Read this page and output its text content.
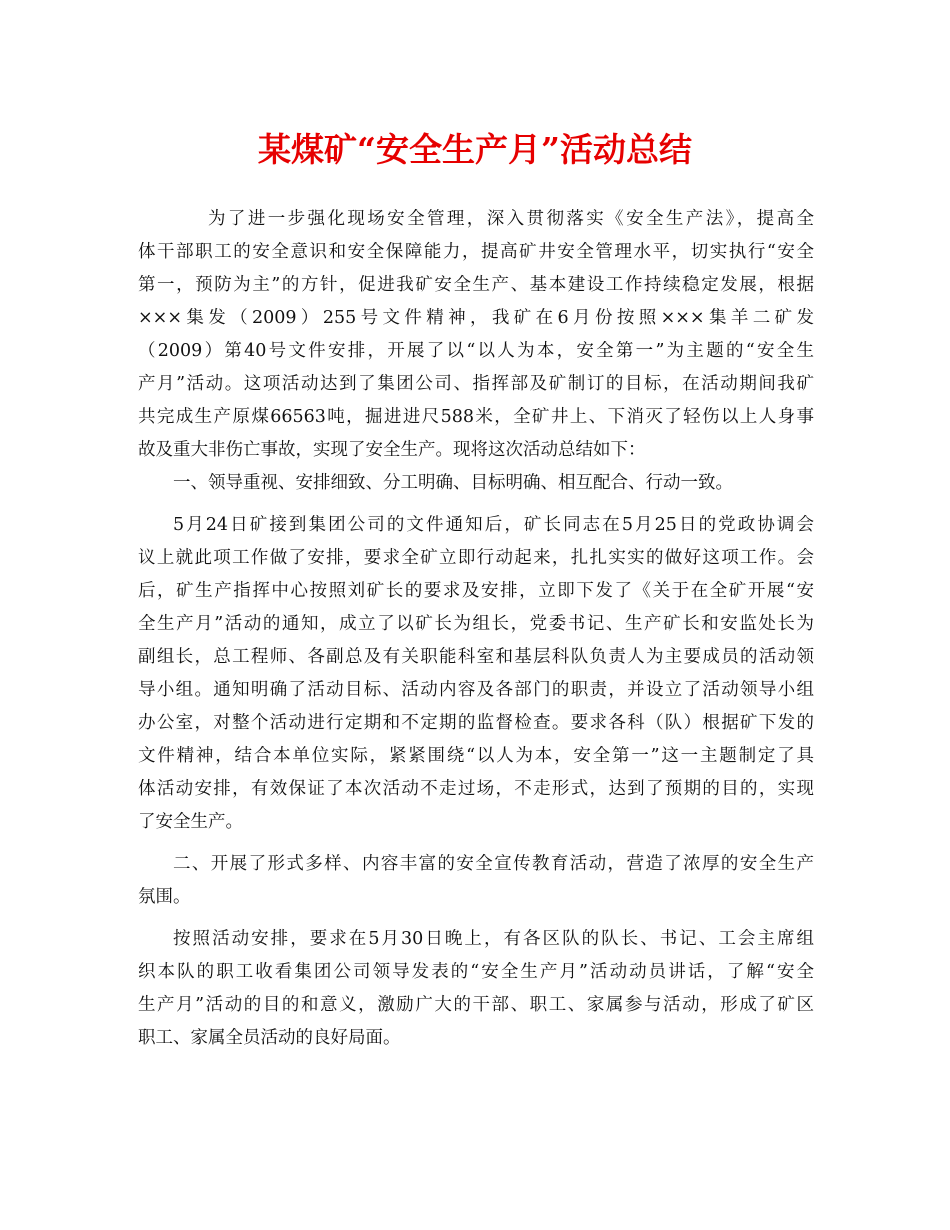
某煤矿“安全生产月”活动总结
为了进一步强化现场安全管理，深入贯彻落实《安全生产法》，提高全
体干部职工的安全意识和安全保障能力，提高矿井安全管理水平，切实执行“安全
第一，预防为主”的方针，促进我矿安全生产、基本建设工作持续稳定发展，根据
×××集发（2009）255号文件精神，我矿在6月份按照×××集羊二矿发
（2009）第40号文件安排，开展了以“以人为本，安全第一”为主题的“安全生
产月”活动。这项活动达到了集团公司、指挥部及矿制订的目标，在活动期间我矿
共完成生产原煤66563吨，掘进进尺588米，全矿井上、下消灭了轻伤以上人身事
故及重大非伤亡事故，实现了安全生产。现将这次活动总结如下：
一、领导重视、安排细致、分工明确、目标明确、相互配合、行动一致。
5月24日矿接到集团公司的文件通知后，矿长同志在5月25日的党政协调会
议上就此项工作做了安排，要求全矿立即行动起来，扎扎实实的做好这项工作。会
后，矿生产指挥中心按照刘矿长的要求及安排，立即下发了《关于在全矿开展“安
全生产月”活动的通知，成立了以矿长为组长，党委书记、生产矿长和安监处长为
副组长，总工程师、各副总及有关职能科室和基层科队负责人为主要成员的活动领
导小组。通知明确了活动目标、活动内容及各部门的职责，并设立了活动领导小组
办公室，对整个活动进行定期和不定期的监督检查。要求各科（队）根据矿下发的
文件精神，结合本单位实际，紧紧围绕“以人为本，安全第一”这一主题制定了具
体活动安排，有效保证了本次活动不走过场，不走形式，达到了预期的目的，实现
了安全生产。
二、开展了形式多样、内容丰富的安全宣传教育活动，营造了浓厚的安全生产
氛围。
按照活动安排，要求在5月30日晚上，有各区队的队长、书记、工会主席组
织本队的职工收看集团公司领导发表的“安全生产月”活动动员讲话，了解“安全
生产月”活动的目的和意义，激励广大的干部、职工、家属参与活动，形成了矿区
职工、家属全员活动的良好局面。
